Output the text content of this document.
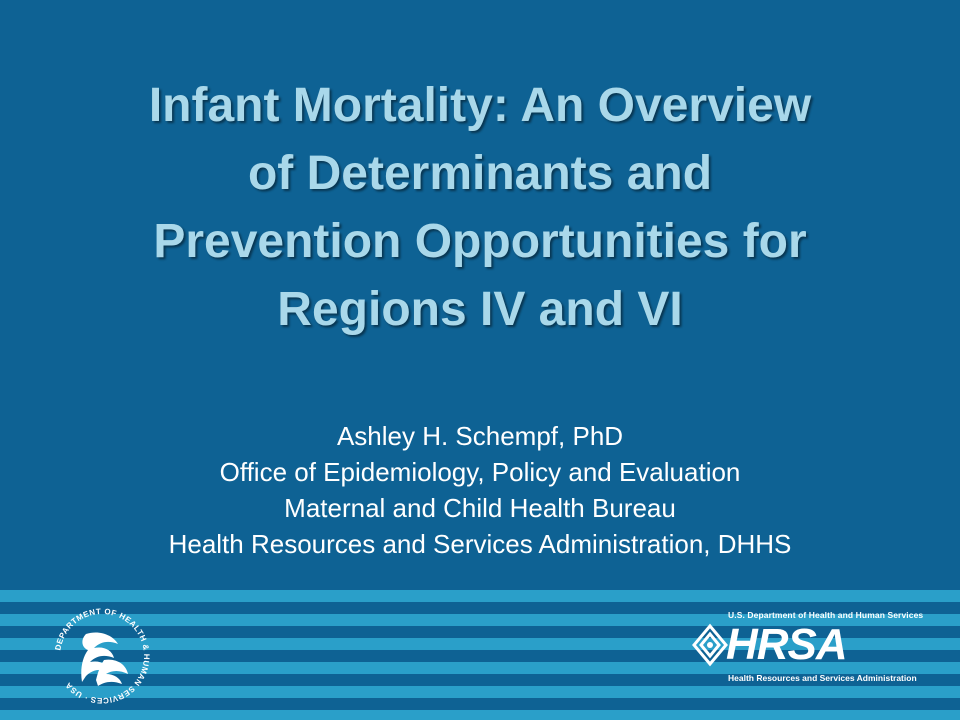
Infant Mortality: An Overview
of Determinants and
Prevention Opportunities for
Regions IV and VI
Ashley H. Schempf, PhD
Office of Epidemiology, Policy and Evaluation
Maternal and Child Health Bureau
Health Resources and Services Administration, DHHS
DEPARTMENT OF HEALTH & HUMAN SERVICES · USA
U.S. Department of Health and Human Services
HRSA
Health Resources and Services Administration
